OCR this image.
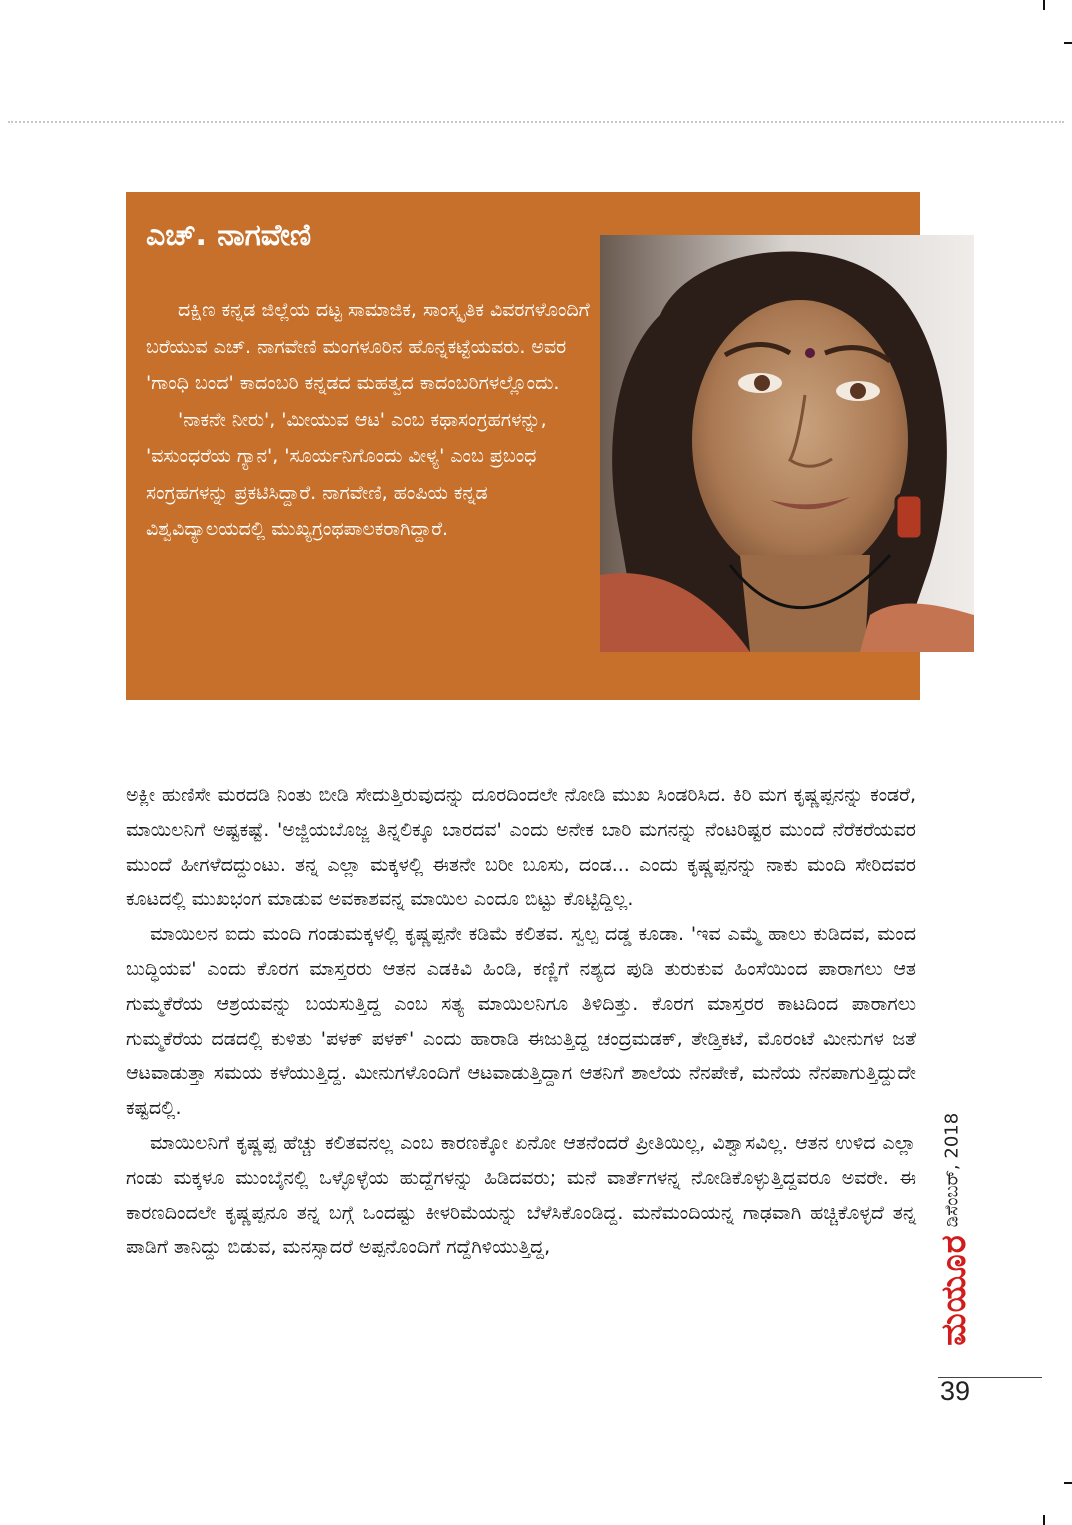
ಎಚ್. ನಾಗವೇಣಿ

ದಕ್ಷಿಣ ಕನ್ನಡ ಜಿಲ್ಲೆಯ ದಟ್ಟ ಸಾಮಾಜಿಕ, ಸಾಂಸ್ಕೃತಿಕ ವಿವರಗಳೊಂದಿಗೆ ಬರೆಯುವ ಎಚ್. ನಾಗವೇಣಿ ಮಂಗಳೂರಿನ ಹೊನ್ನಕಟ್ಟೆಯವರು. ಅವರ 'ಗಾಂಧಿ ಬಂದ' ಕಾದಂಬರಿ ಕನ್ನಡದ ಮಹತ್ವದ ಕಾದಂಬರಿಗಳಲ್ಲೊಂದು.

'ನಾಕನೇ ನೀರು', 'ಮೀಯುವ ಆಟ' ಎಂಬ ಕಥಾಸಂಗ್ರಹಗಳನ್ನು, 'ವಸುಂಧರೆಯ ಗ್ಯಾನ', 'ಸೂರ್ಯನಿಗೊಂದು ವೀಳ್ಯ' ಎಂಬ ಪ್ರಬಂಧ ಸಂಗ್ರಹಗಳನ್ನು ಪ್ರಕಟಿಸಿದ್ದಾರೆ. ನಾಗವೇಣಿ, ಹಂಪಿಯ ಕನ್ನಡ ವಿಶ್ವವಿದ್ಯಾಲಯದಲ್ಲಿ ಮುಖ್ಯಗ್ರಂಥಪಾಲಕರಾಗಿದ್ದಾರೆ.

ಅಕ್ಲೀ ಹುಣಿಸೇ ಮರದಡಿ ನಿಂತು ಬೀಡಿ ಸೇದುತ್ತಿರುವುದನ್ನು ದೂರದಿಂದಲೇ ನೋಡಿ ಮುಖ ಸಿಂಡರಿಸಿದ. ಕಿರಿ ಮಗ ಕೃಷ್ಣಪ್ಪನನ್ನು ಕಂಡರೆ, ಮಾಯಿಲನಿಗೆ ಅಷ್ಟಕಷ್ಟೆ. 'ಅಜ್ಜಿಯಬೊಜ್ಜ ತಿನ್ನಲಿಕ್ಕೂ ಬಾರದವ' ಎಂದು ಅನೇಕ ಬಾರಿ ಮಗನನ್ನು ನೆಂಟರಿಷ್ಟರ ಮುಂದೆ ನೆರೆಕರೆಯವರ ಮುಂದೆ ಹೀಗಳೆದದ್ದುಂಟು. ತನ್ನ ಎಲ್ಲಾ ಮಕ್ಕಳಲ್ಲಿ ಈತನೇ ಬರೀ ಬೂಸು, ದಂಡ... ಎಂದು ಕೃಷ್ಣಪ್ಪನನ್ನು ನಾಕು ಮಂದಿ ಸೇರಿದವರ ಕೂಟದಲ್ಲಿ ಮುಖಭಂಗ ಮಾಡುವ ಅವಕಾಶವನ್ನ ಮಾಯಿಲ ಎಂದೂ ಬಿಟ್ಟು ಕೊಟ್ಟಿದ್ದಿಲ್ಲ.

ಮಾಯಿಲನ ಐದು ಮಂದಿ ಗಂಡುಮಕ್ಕಳಲ್ಲಿ ಕೃಷ್ಣಪ್ಪನೇ ಕಡಿಮೆ ಕಲಿತವ. ಸ್ವಲ್ಪ ದಡ್ಡ ಕೂಡಾ. 'ಇವ ಎಮ್ಮೆ ಹಾಲು ಕುಡಿದವ, ಮಂದ ಬುದ್ಧಿಯವ' ಎಂದು ಕೊರಗ ಮಾಸ್ತರರು ಆತನ ಎಡಕಿವಿ ಹಿಂಡಿ, ಕಣ್ಣಿಗೆ ನಶ್ಯದ ಪುಡಿ ತುರುಕುವ ಹಿಂಸೆಯಿಂದ ಪಾರಾಗಲು ಆತ ಗುಮ್ಮಕೆರೆಯ ಆಶ್ರಯವನ್ನು ಬಯಸುತ್ತಿದ್ದ ಎಂಬ ಸತ್ಯ ಮಾಯಿಲನಿಗೂ ತಿಳಿದಿತ್ತು. ಕೊರಗ ಮಾಸ್ತರರ ಕಾಟದಿಂದ ಪಾರಾಗಲು ಗುಮ್ಮಕೆರೆಯ ದಡದಲ್ಲಿ ಕುಳಿತು 'ಪಳಕ್ ಪಳಕ್' ಎಂದು ಹಾರಾಡಿ ಈಜುತ್ತಿದ್ದ ಚಂದ್ರಮಡಕ್, ತೇಡ್ತಿಕಟೆ, ಮೊರಂಟೆ ಮೀನುಗಳ ಜತೆ ಆಟವಾಡುತ್ತಾ ಸಮಯ ಕಳೆಯುತ್ತಿದ್ದ. ಮೀನುಗಳೊಂದಿಗೆ ಆಟವಾಡುತ್ತಿದ್ದಾಗ ಆತನಿಗೆ ಶಾಲೆಯ ನೆನಪೇಕೆ, ಮನೆಯ ನೆನಪಾಗುತ್ತಿದ್ದುದೇ ಕಷ್ಟದಲ್ಲಿ.

ಮಾಯಿಲನಿಗೆ ಕೃಷ್ಣಪ್ಪ ಹೆಚ್ಚು ಕಲಿತವನಲ್ಲ ಎಂಬ ಕಾರಣಕ್ಕೋ ಏನೋ ಆತನೆಂದರೆ ಪ್ರೀತಿಯಿಲ್ಲ, ವಿಶ್ವಾಸವಿಲ್ಲ. ಆತನ ಉಳಿದ ಎಲ್ಲಾ ಗಂಡು ಮಕ್ಕಳೂ ಮುಂಬೈನಲ್ಲಿ ಒಳ್ಳೊಳ್ಳೆಯ ಹುದ್ದೆಗಳನ್ನು ಹಿಡಿದವರು; ಮನೆ ವಾರ್ತೆಗಳನ್ನ ನೋಡಿಕೊಳ್ಳುತ್ತಿದ್ದವರೂ ಅವರೇ. ಈ ಕಾರಣದಿಂದಲೇ ಕೃಷ್ಣಪ್ಪನೂ ತನ್ನ ಬಗ್ಗೆ ಒಂದಷ್ಟು ಕೀಳರಿಮೆಯನ್ನು ಬೆಳೆಸಿಕೊಂಡಿದ್ದ. ಮನೆಮಂದಿಯನ್ನ ಗಾಢವಾಗಿ ಹಚ್ಚಿಕೊಳ್ಳದೆ ತನ್ನ ಪಾಡಿಗೆ ತಾನಿದ್ದು ಬಿಡುವ, ಮನಸ್ಸಾದರೆ ಅಪ್ಪನೊಂದಿಗೆ ಗದ್ದೆಗಿಳಿಯುತ್ತಿದ್ದ,

ಡಿಸೆಂಬರ್, 2018
ಮಯೂರ
39
